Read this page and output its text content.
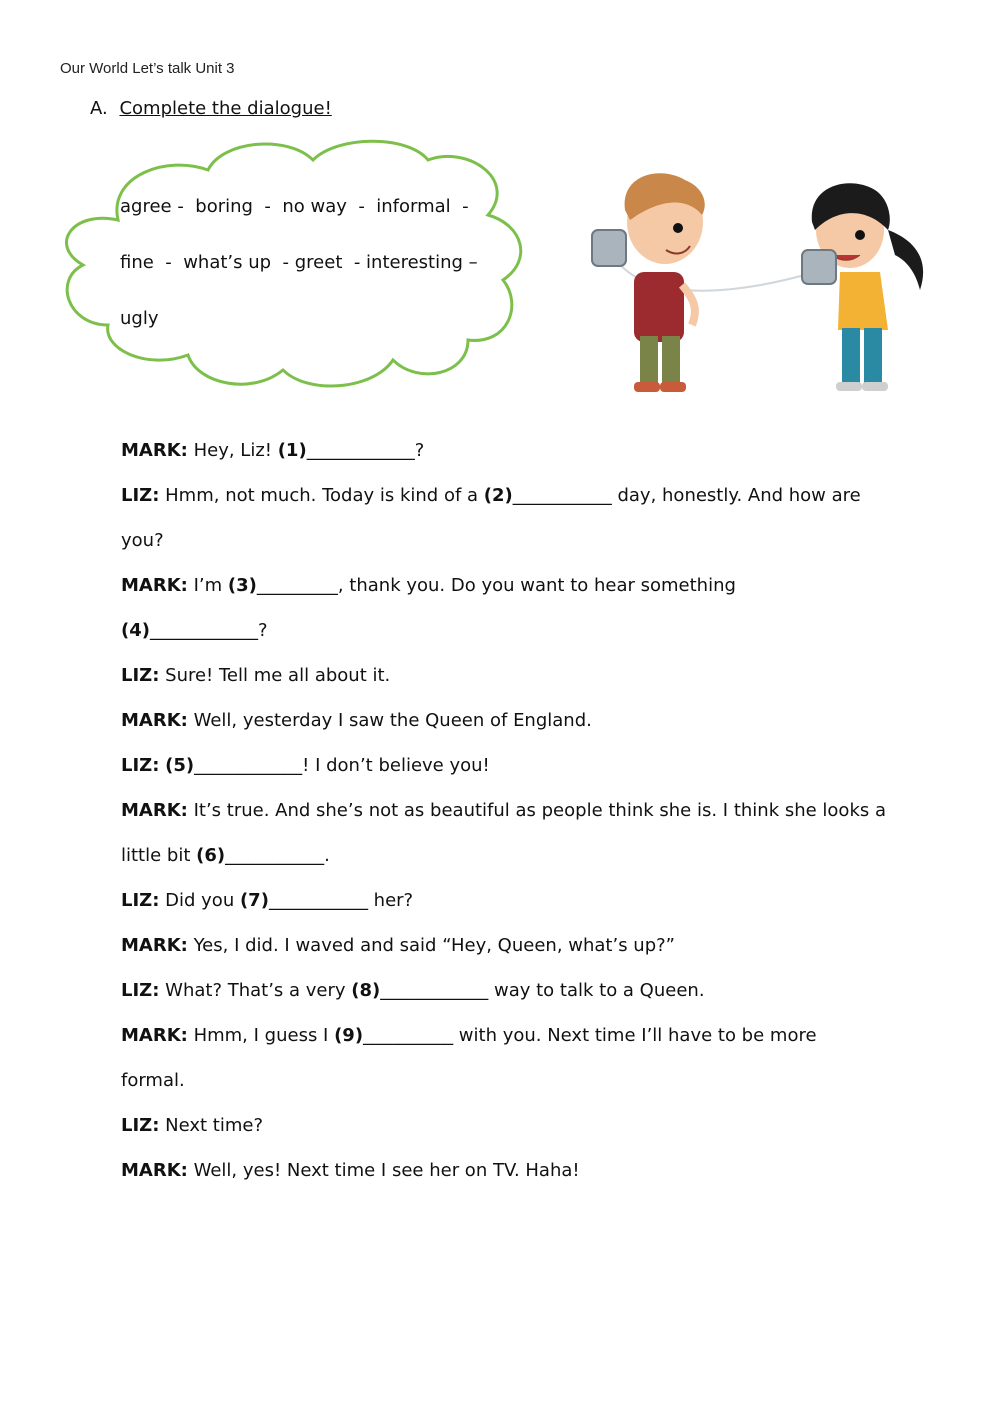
Our World Let’s talk Unit 3
A. Complete the dialogue!
agree -  boring  -  no way  -  informal  -
fine  -  what’s up  - greet  - interesting –
ugly
MARK: Hey, Liz! (1)____________?
LIZ: Hmm, not much. Today is kind of a (2)___________ day, honestly. And how are
you?
MARK: I’m (3)_________, thank you. Do you want to hear something
(4)____________?
LIZ: Sure! Tell me all about it.
MARK: Well, yesterday I saw the Queen of England.
LIZ: (5)____________! I don’t believe you!
MARK: It’s true. And she’s not as beautiful as people think she is. I think she looks a
little bit (6)___________.
LIZ: Did you (7)___________ her?
MARK: Yes, I did. I waved and said “Hey, Queen, what’s up?”
LIZ: What? That’s a very (8)____________ way to talk to a Queen.
MARK: Hmm, I guess I (9)__________ with you. Next time I’ll have to be more
formal.
LIZ: Next time?
MARK: Well, yes! Next time I see her on TV. Haha!
